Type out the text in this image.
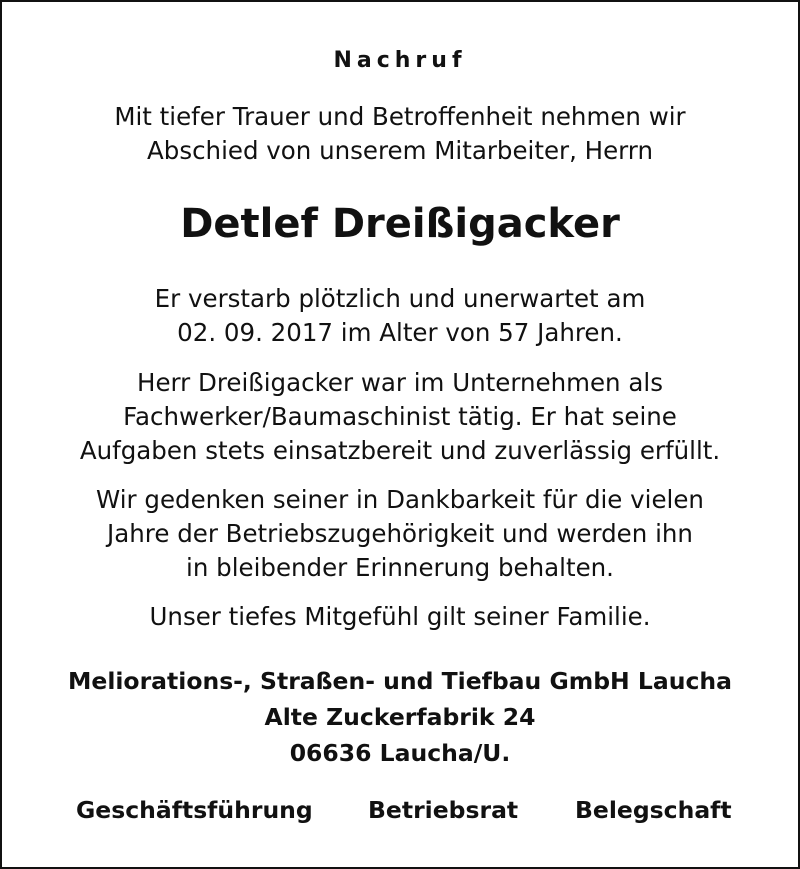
Nachruf
Mit tiefer Trauer und Betroffenheit nehmen wir
Abschied von unserem Mitarbeiter, Herrn
Detlef Dreißigacker
Er verstarb plötzlich und unerwartet am
02. 09. 2017 im Alter von 57 Jahren.
Herr Dreißigacker war im Unternehmen als
Fachwerker/Baumaschinist tätig. Er hat seine
Aufgaben stets einsatzbereit und zuverlässig erfüllt.
Wir gedenken seiner in Dankbarkeit für die vielen
Jahre der Betriebszugehörigkeit und werden ihn
in bleibender Erinnerung behalten.
Unser tiefes Mitgefühl gilt seiner Familie.
Meliorations-, Straßen- und Tiefbau GmbH Laucha
Alte Zuckerfabrik 24
06636 Laucha/U.
Geschäftsführung Betriebsrat Belegschaft
